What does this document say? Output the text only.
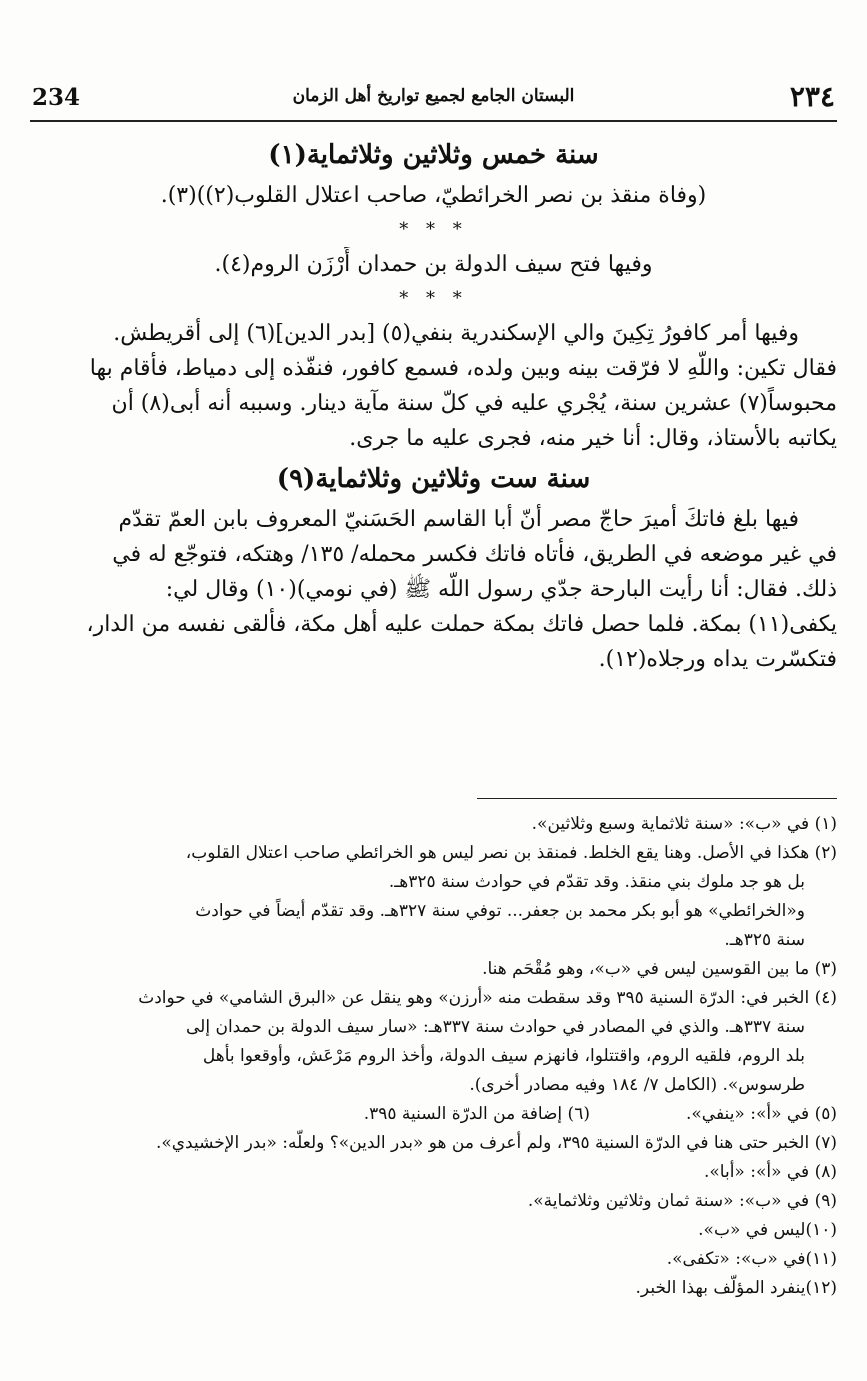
234	البستان الجامع لجميع تواريخ أهل الزمان	٢٣٤
سنة خمس وثلاثين وثلاثماية(١)
(وفاة منقذ بن نصر الخرائطيّ، صاحب اعتلال القلوب(٢))(٣).
* * *
وفيها فتح سيف الدولة بن حمدان أَرْزَن الروم(٤).
* * *
وفيها أمر كافورُ تِكِينَ والي الإسكندرية بنفي(٥) [بدر الدين](٦) إلى أقريطش.
فقال تكين: واللّهِ لا فرّقت بينه وبين ولده، فسمع كافور، فنفّذه إلى دمياط، فأقام بها
محبوساً(٧) عشرين سنة، يُجْري عليه في كلّ سنة مآية دينار. وسببه أنه أبى(٨) أن
يكاتبه بالأستاذ، وقال: أنا خير منه، فجرى عليه ما جرى.
سنة ست وثلاثين وثلاثماية(٩)
فيها بلغ فاتكَ أميرَ حاجّ مصر أنّ أبا القاسم الحَسَنيّ المعروف بابن العمّ تقدّم
في غير موضعه في الطريق، فأتاه فاتك فكسر محمله/ ١٣٥/ وهتكه، فتوجّع له في
ذلك. فقال: أنا رأيت البارحة جدّي رسول اللّه ﷺ (في نومي)(١٠) وقال لي:
يكفى(١١) بمكة. فلما حصل فاتك بمكة حملت عليه أهل مكة، فألقى نفسه من الدار،
فتكسّرت يداه ورجلاه(١٢).
(١) في «ب»: «سنة ثلاثماية وسبع وثلاثين».
(٢) هكذا في الأصل. وهنا يقع الخلط. فمنقذ بن نصر ليس هو الخرائطي صاحب اعتلال القلوب،
بل هو جد ملوك بني منقذ. وقد تقدّم في حوادث سنة ٣٢٥هـ.
و«الخرائطي» هو أبو بكر محمد بن جعفر... توفي سنة ٣٢٧هـ. وقد تقدّم أيضاً في حوادث
سنة ٣٢٥هـ.
(٣) ما بين القوسين ليس في «ب»، وهو مُقْحَم هنا.
(٤) الخبر في: الدرّة السنية ٣٩٥ وقد سقطت منه «أرزن» وهو ينقل عن «البرق الشامي» في حوادث
سنة ٣٣٧هـ. والذي في المصادر في حوادث سنة ٣٣٧هـ: «سار سيف الدولة بن حمدان إلى
بلد الروم، فلقيه الروم، واقتتلوا، فانهزم سيف الدولة، وأخذ الروم مَرْعَش، وأوقعوا بأهل
طرسوس». (الكامل ٧/ ١٨٤ وفيه مصادر أخرى).
(٥) في «أ»: «ينفي».
(٦) إضافة من الدرّة السنية ٣٩٥.
(٧) الخبر حتى هنا في الدرّة السنية ٣٩٥، ولم أعرف من هو «بدر الدين»؟ ولعلّه: «بدر الإخشيدي».
(٨) في «أ»: «أبا».
(٩) في «ب»: «سنة ثمان وثلاثين وثلاثماية».
(١٠)ليس في «ب».
(١١)في «ب»: «تكفى».
(١٢)ينفرد المؤلّف بهذا الخبر.
